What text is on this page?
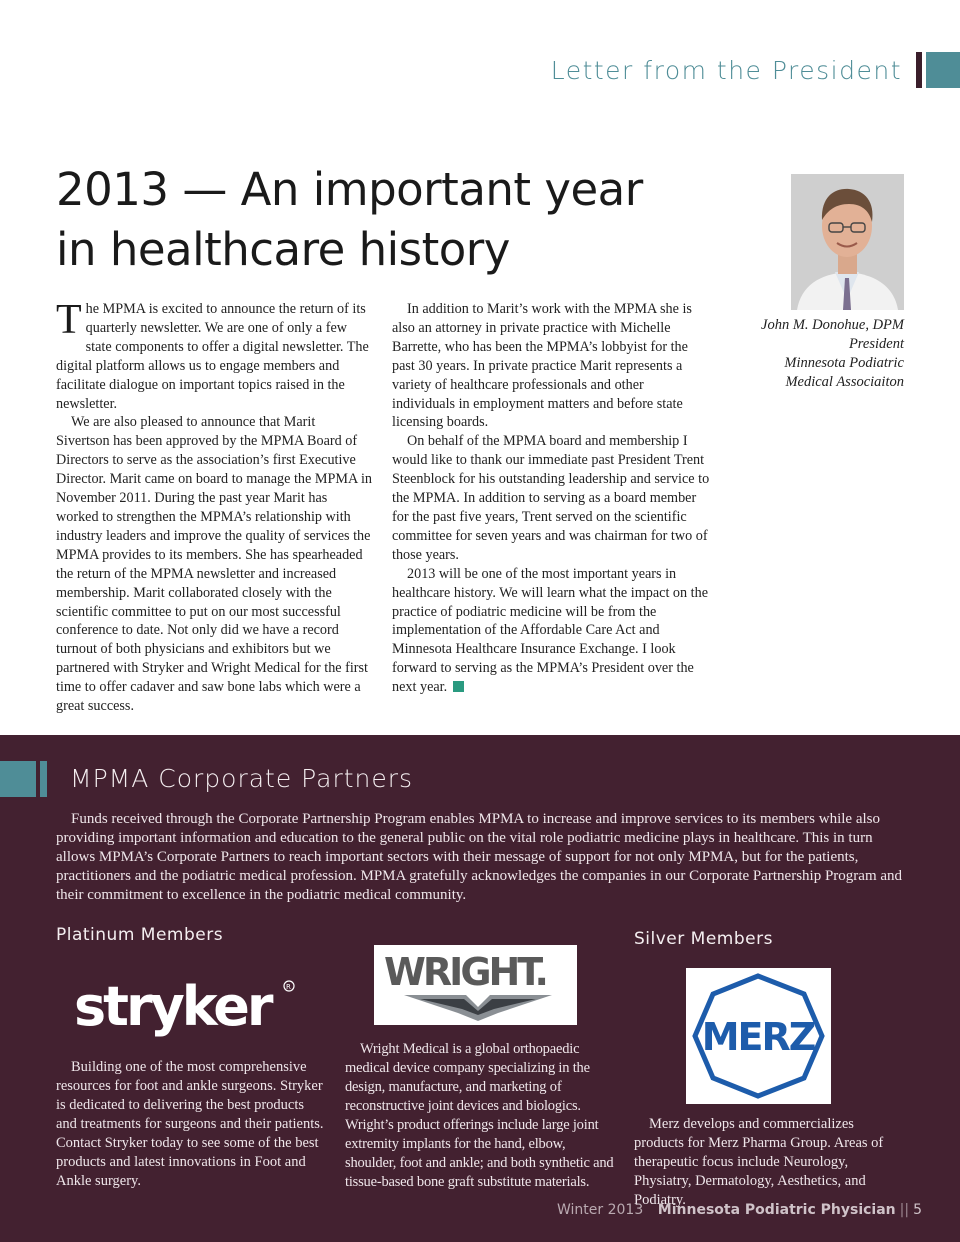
Letter from the President
2013 — An important year
in healthcare history

The MPMA is excited to announce the return of its quarterly newsletter. We are one of only a few state components to offer a digital newsletter. The digital platform allows us to engage members and facilitate dialogue on important topics raised in the newsletter.

We are also pleased to announce that Marit Sivertson has been approved by the MPMA Board of Directors to serve as the association’s first Executive Director. Marit came on board to manage the MPMA in November 2011. During the past year Marit has worked to strengthen the MPMA’s relationship with industry leaders and improve the quality of services the MPMA provides to its members. She has spearheaded the return of the MPMA newsletter and increased membership. Marit collaborated closely with the scientific committee to put on our most successful conference to date. Not only did we have a record turnout of both physicians and exhibitors but we partnered with Stryker and Wright Medical for the first time to offer cadaver and saw bone labs which were a great success.

In addition to Marit’s work with the MPMA she is also an attorney in private practice with Michelle Barrette, who has been the MPMA’s lobbyist for the past 30 years. In private practice Marit represents a variety of healthcare professionals and other individuals in employment matters and before state licensing boards.

On behalf of the MPMA board and membership I would like to thank our immediate past President Trent Steenblock for his outstanding leadership and service to the MPMA. In addition to serving as a board member for the past five years, Trent served on the scientific committee for seven years and was chairman for two of those years.

2013 will be one of the most important years in healthcare history. We will learn what the impact on the practice of podiatric medicine will be from the implementation of the Affordable Care Act and Minnesota Healthcare Insurance Exchange. I look forward to serving as the MPMA’s President over the next year.

John M. Donohue, DPM
President
Minnesota Podiatric
Medical Associaiton
MPMA Corporate Partners

Funds received through the Corporate Partnership Program enables MPMA to increase and improve services to its members while also providing important information and education to the general public on the vital role podiatric medicine plays in healthcare. This in turn allows MPMA’s Corporate Partners to reach important sectors with their message of support for not only MPMA, but for the patients, practitioners and the podiatric medical profession. MPMA gratefully acknowledges the companies in our Corporate Partnership Program and their commitment to excellence in the podiatric medical community.

Platinum Members	Silver Members
stryker	R WRIGHT.
MERZ

Building one of the most comprehensive resources for foot and ankle surgeons. Stryker is dedicated to delivering the best products and treatments for surgeons and their patients. Contact Stryker today to see some of the best products and latest innovations in Foot and Ankle surgery.

Wright Medical is a global orthopaedic medical device company specializing in the design, manufacture, and marketing of reconstructive joint devices and biologics. Wright’s product offerings include large joint extremity implants for the hand, elbow, shoulder, foot and ankle; and both synthetic and tissue-based bone graft substitute materials.

Merz develops and commercializes products for Merz Pharma Group. Areas of therapeutic focus include Neurology, Physiatry, Dermatology, Aesthetics, and Podiatry.

Winter 2013 Minnesota Podiatric Physician || 5
